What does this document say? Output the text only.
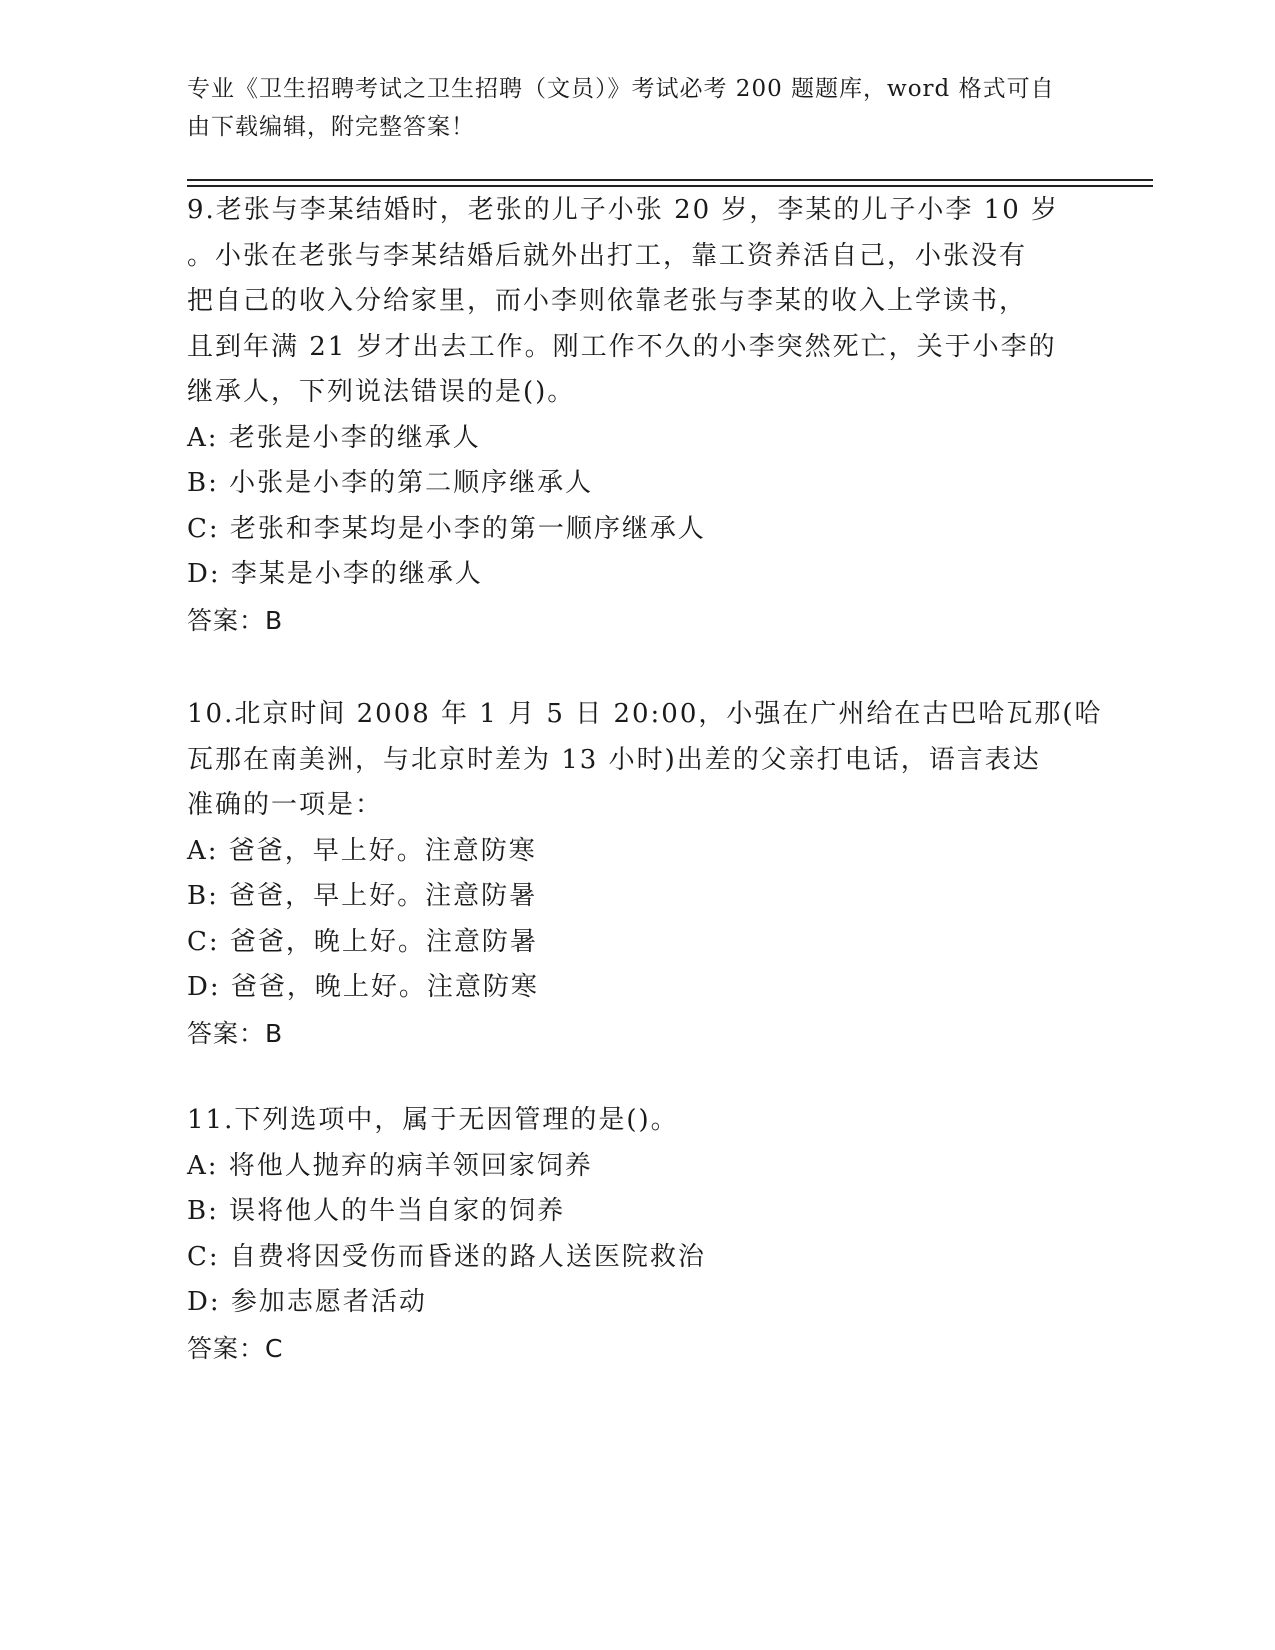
专业《卫生招聘考试之卫生招聘（文员）》考试必考 200 题题库，word 格式可自
由下载编辑，附完整答案！
9.老张与李某结婚时，老张的儿子小张 20 岁，李某的儿子小李 10 岁
。小张在老张与李某结婚后就外出打工，靠工资养活自己，小张没有
把自己的收入分给家里，而小李则依靠老张与李某的收入上学读书，
且到年满 21 岁才出去工作。刚工作不久的小李突然死亡，关于小李的
继承人，下列说法错误的是()。
A: 老张是小李的继承人
B: 小张是小李的第二顺序继承人
C: 老张和李某均是小李的第一顺序继承人
D: 李某是小李的继承人
答案：B
10.北京时间 2008 年 1 月 5 日 20:00，小强在广州给在古巴哈瓦那(哈
瓦那在南美洲，与北京时差为 13 小时)出差的父亲打电话，语言表达
准确的一项是：
A: 爸爸，早上好。注意防寒
B: 爸爸，早上好。注意防暑
C: 爸爸，晚上好。注意防暑
D: 爸爸，晚上好。注意防寒
答案：B
11.下列选项中，属于无因管理的是()。
A: 将他人抛弃的病羊领回家饲养
B: 误将他人的牛当自家的饲养
C: 自费将因受伤而昏迷的路人送医院救治
D: 参加志愿者活动
答案：C
